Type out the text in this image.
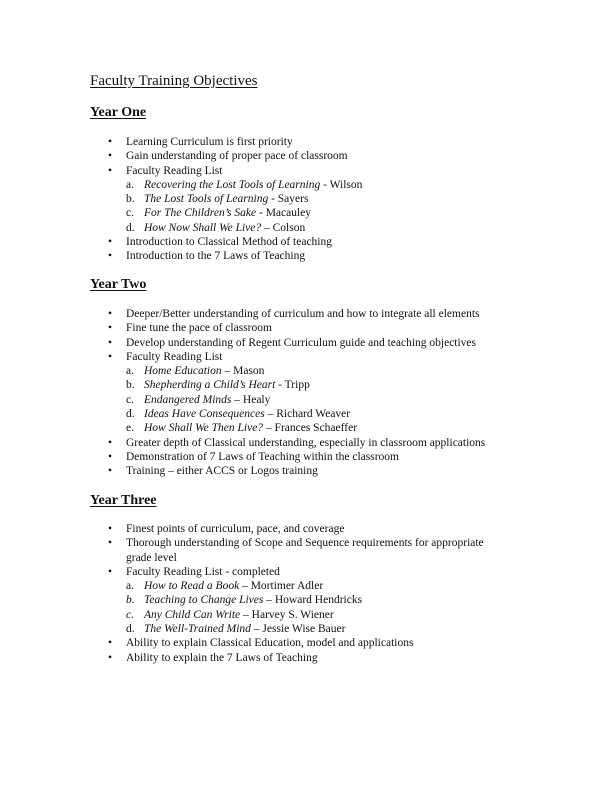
Faculty Training Objectives
Year One
• Learning Curriculum is first priority
• Gain understanding of proper pace of classroom
• Faculty Reading List
a. Recovering the Lost Tools of Learning - Wilson
b. The Lost Tools of Learning - Sayers
c. For The Children’s Sake - Macauley
d. How Now Shall We Live? – Colson
• Introduction to Classical Method of teaching
• Introduction to the 7 Laws of Teaching
Year Two
• Deeper/Better understanding of curriculum and how to integrate all elements
• Fine tune the pace of classroom
• Develop understanding of Regent Curriculum guide and teaching objectives
• Faculty Reading List
a. Home Education – Mason
b. Shepherding a Child’s Heart - Tripp
c. Endangered Minds – Healy
d. Ideas Have Consequences – Richard Weaver
e. How Shall We Then Live? – Frances Schaeffer
• Greater depth of Classical understanding, especially in classroom applications
• Demonstration of 7 Laws of Teaching within the classroom
• Training – either ACCS or Logos training
Year Three
• Finest points of curriculum, pace, and coverage
• Thorough understanding of Scope and Sequence requirements for appropriate grade level
• Faculty Reading List - completed
a. How to Read a Book – Mortimer Adler
b. Teaching to Change Lives – Howard Hendricks
c. Any Child Can Write – Harvey S. Wiener
d. The Well-Trained Mind – Jessie Wise Bauer
• Ability to explain Classical Education, model and applications
• Ability to explain the 7 Laws of Teaching
